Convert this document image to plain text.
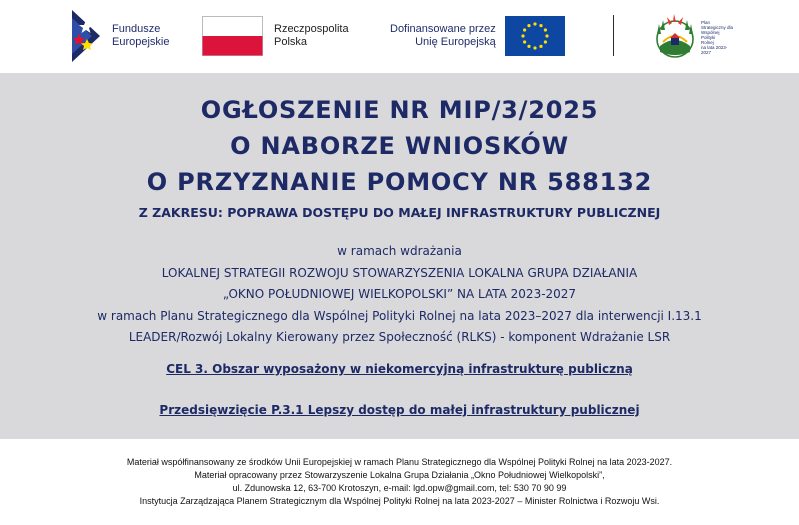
Fundusze
Europejskie
Rzeczpospolita
Polska
Dofinansowane przez
Unię Europejską
Plan
Strategiczny dla
Wspólnej
Polityki
Rolnej
na lata 2023-2027
OGŁOSZENIE NR MIP/3/2025
O NABORZE WNIOSKÓW
O PRZYZNANIE POMOCY NR 588132
Z ZAKRESU: POPRAWA DOSTĘPU DO MAŁEJ INFRASTRUKTURY PUBLICZNEJ
w ramach wdrażania
LOKALNEJ STRATEGII ROZWOJU STOWARZYSZENIA LOKALNA GRUPA DZIAŁANIA
„OKNO POŁUDNIOWEJ WIELKOPOLSKI” NA LATA 2023-2027
w ramach Planu Strategicznego dla Wspólnej Polityki Rolnej na lata 2023–2027 dla interwencji I.13.1
LEADER/Rozwój Lokalny Kierowany przez Społeczność (RLKS) - komponent Wdrażanie LSR
CEL 3. Obszar wyposażony w niekomercyjną infrastrukturę publiczną
Przedsięwzięcie P.3.1 Lepszy dostęp do małej infrastruktury publicznej
Materiał współfinansowany ze środków Unii Europejskiej w ramach Planu Strategicznego dla Wspólnej Polityki Rolnej na lata 2023-2027.
Materiał opracowany przez Stowarzyszenie Lokalna Grupa Działania „Okno Południowej Wielkopolski”,
ul. Zdunowska 12, 63-700 Krotoszyn, e-mail: lgd.opw@gmail.com, tel: 530 70 90 99
Instytucja Zarządzająca Planem Strategicznym dla Wspólnej Polityki Rolnej na lata 2023-2027 – Minister Rolnictwa i Rozwoju Wsi.
